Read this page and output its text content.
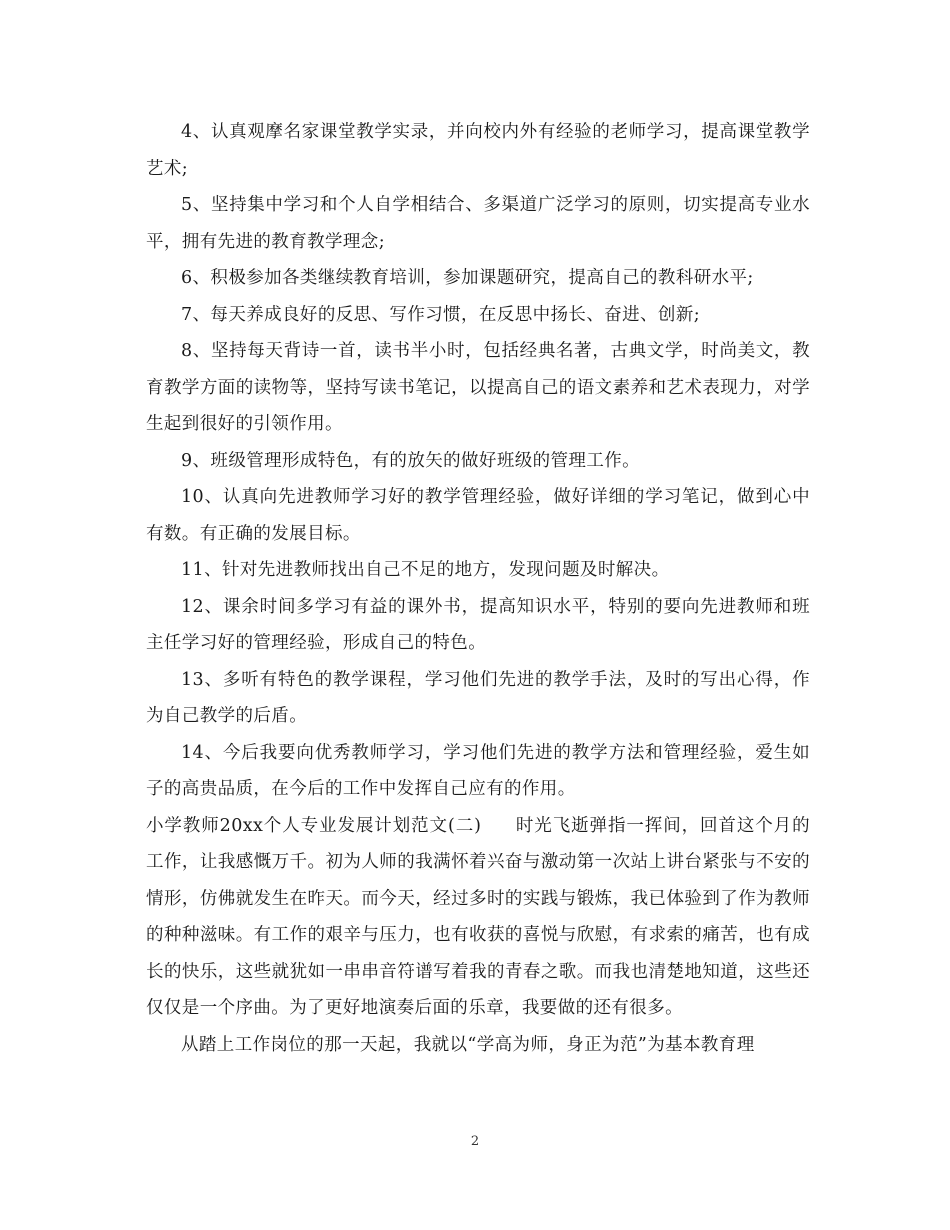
4、认真观摩名家课堂教学实录，并向校内外有经验的老师学习，提高课堂教学艺术;

5、坚持集中学习和个人自学相结合、多渠道广泛学习的原则，切实提高专业水平，拥有先进的教育教学理念;

6、积极参加各类继续教育培训，参加课题研究，提高自己的教科研水平;

7、每天养成良好的反思、写作习惯，在反思中扬长、奋进、创新;

8、坚持每天背诗一首，读书半小时，包括经典名著，古典文学，时尚美文，教育教学方面的读物等，坚持写读书笔记，以提高自己的语文素养和艺术表现力，对学生起到很好的引领作用。

9、班级管理形成特色，有的放矢的做好班级的管理工作。

10、认真向先进教师学习好的教学管理经验，做好详细的学习笔记，做到心中有数。有正确的发展目标。

11、针对先进教师找出自己不足的地方，发现问题及时解决。

12、课余时间多学习有益的课外书，提高知识水平，特别的要向先进教师和班主任学习好的管理经验，形成自己的特色。

13、多听有特色的教学课程，学习他们先进的教学手法，及时的写出心得，作为自己教学的后盾。

14、今后我要向优秀教师学习，学习他们先进的教学方法和管理经验，爱生如子的高贵品质，在今后的工作中发挥自己应有的作用。

小学教师20xx个人专业发展计划范文(二) 时光飞逝弹指一挥间，回首这个月的工作，让我感慨万千。初为人师的我满怀着兴奋与激动第一次站上讲台紧张与不安的情形，仿佛就发生在昨天。而今天，经过多时的实践与锻炼，我已体验到了作为教师的种种滋味。有工作的艰辛与压力，也有收获的喜悦与欣慰，有求索的痛苦，也有成长的快乐，这些就犹如一串串音符谱写着我的青春之歌。而我也清楚地知道，这些还仅仅是一个序曲。为了更好地演奏后面的乐章，我要做的还有很多。

从踏上工作岗位的那一天起，我就以“学高为师，身正为范”为基本教育理

2
